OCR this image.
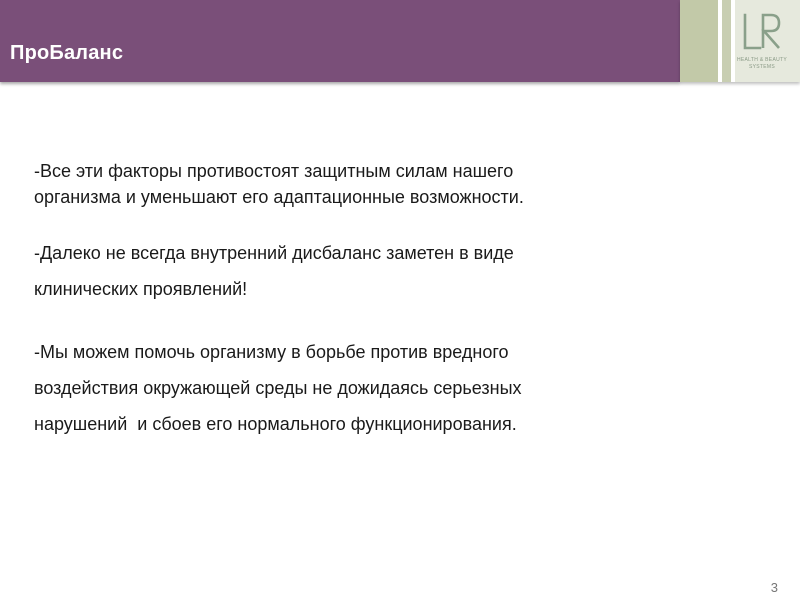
ПроБаланс	HEALTH & BEAUTY
SYSTEMS

-Все эти факторы противостоят защитным силам нашего

организма и уменьшают его адаптационные возможности.

-Далеко не всегда внутренний дисбаланс заметен в виде

клинических проявлений!

-Мы можем помочь организму в борьбе против вредного

воздействия окружающей среды не дожидаясь серьезных

нарушений  и сбоев его нормального функционирования.

3
